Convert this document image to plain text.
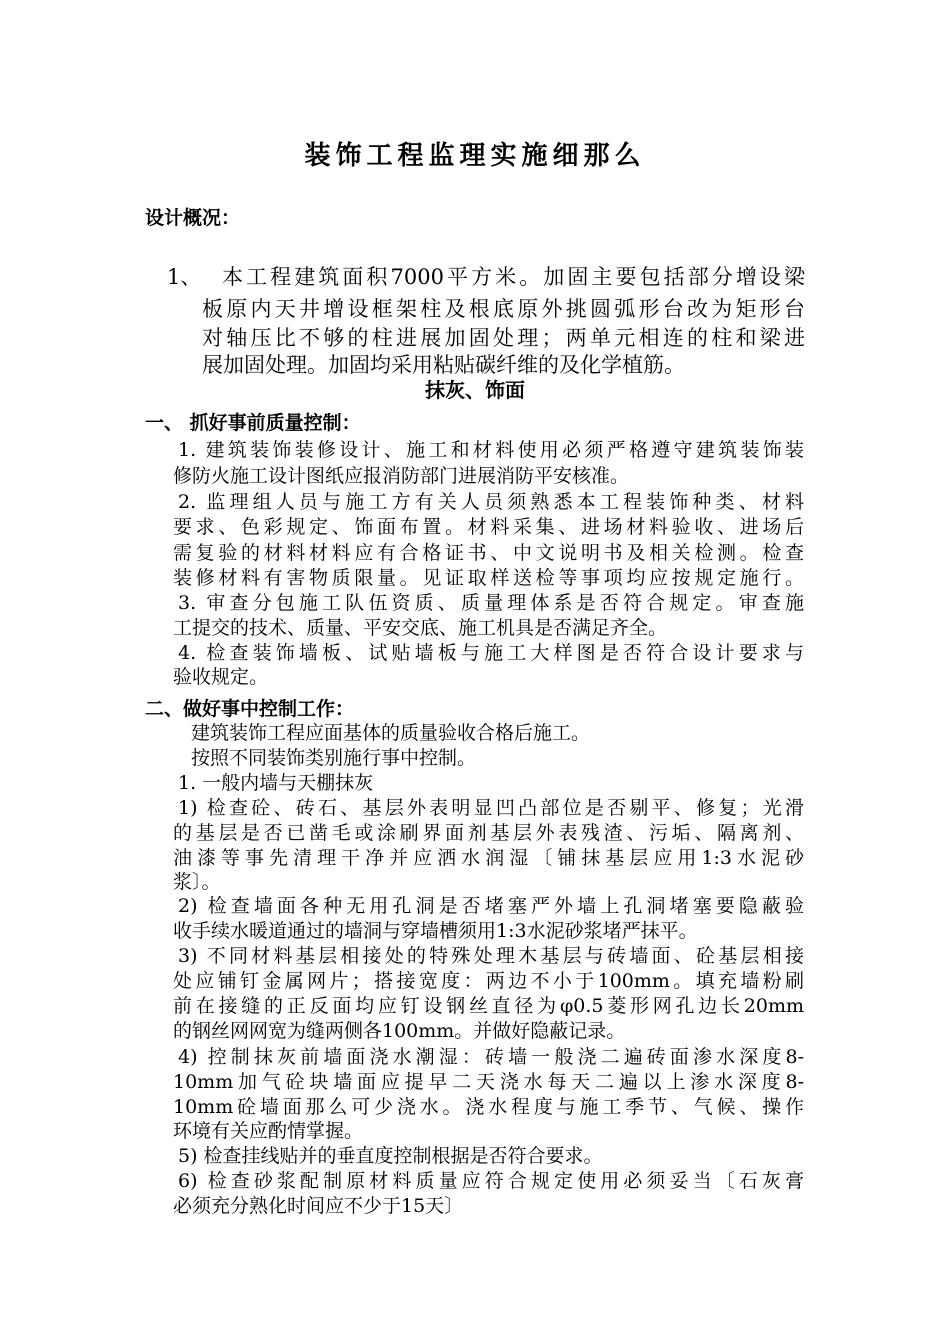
装饰工程监理实施细那么
设计概况：
1、 本工程建筑面积7000平方米。加固主要包括部分增设梁
板原内天井增设框架柱及根底原外挑圆弧形台改为矩形台
对轴压比不够的柱进展加固处理；两单元相连的柱和梁进
展加固处理。加固均采用粘贴碳纤维的及化学植筋。
抹灰、饰面
一、 抓好事前质量控制：
1. 建筑装饰装修设计、施工和材料使用必须严格遵守建筑装饰装
修防火施工设计图纸应报消防部门进展消防平安核准。
2. 监理组人员与施工方有关人员须熟悉本工程装饰种类、材料
要求、色彩规定、饰面布置。材料采集、进场材料验收、进场后
需复验的材料材料应有合格证书、中文说明书及相关检测。检查
装修材料有害物质限量。见证取样送检等事项均应按规定施行。
3. 审查分包施工队伍资质、质量理体系是否符合规定。审查施
工提交的技术、质量、平安交底、施工机具是否满足齐全。
4. 检查装饰墙板、试贴墙板与施工大样图是否符合设计要求与
验收规定。
二、做好事中控制工作：
建筑装饰工程应面基体的质量验收合格后施工。
按照不同装饰类别施行事中控制。
1. 一般内墙与天棚抹灰
1) 检查砼、砖石、基层外表明显凹凸部位是否剔平、修复；光滑
的基层是否已凿毛或涂刷界面剂基层外表残渣、污垢、隔离剂、
油漆等事先清理干净并应洒水润湿〔铺抹基层应用1:3水泥砂
浆〕。
2) 检查墙面各种无用孔洞是否堵塞严外墙上孔洞堵塞要隐蔽验
收手续水暖道通过的墙洞与穿墙槽须用1:3水泥砂浆堵严抹平。
3) 不同材料基层相接处的特殊处理木基层与砖墙面、砼基层相接
处应铺钉金属网片；搭接宽度：两边不小于100mm。填充墙粉刷
前在接缝的正反面均应钉设钢丝直径为φ0.5菱形网孔边长20mm
的钢丝网网宽为缝两侧各100mm。并做好隐蔽记录。
4) 控制抹灰前墙面浇水潮湿：砖墙一般浇二遍砖面渗水深度8-
10mm加气砼块墙面应提早二天浇水每天二遍以上渗水深度8-
10mm砼墙面那么可少浇水。浇水程度与施工季节、气候、操作
环境有关应酌情掌握。
5) 检查挂线贴并的垂直度控制根据是否符合要求。
6) 检查砂浆配制原材料质量应符合规定使用必须妥当〔石灰膏
必须充分熟化时间应不少于15天〕
